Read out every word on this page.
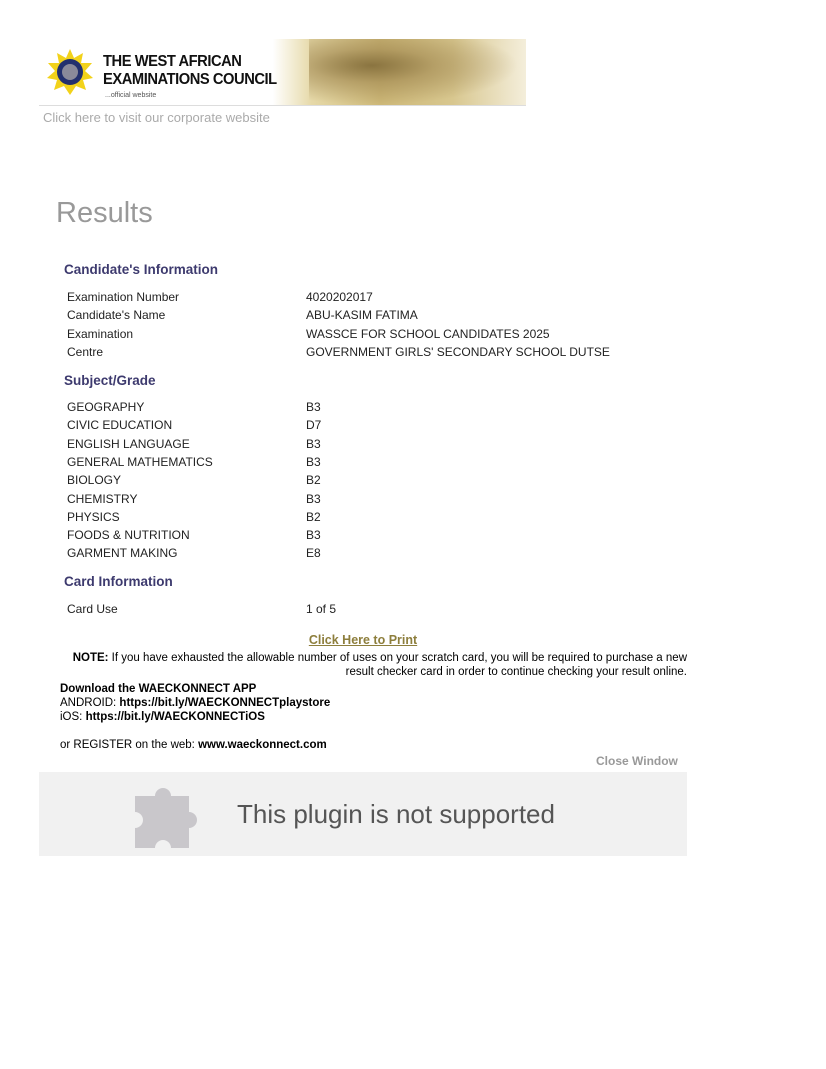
THE WEST AFRICAN
EXAMINATIONS COUNCIL
...official website
Click here to visit our corporate website
Results
Candidate's Information
Examination Number	4020202017
Candidate's Name	ABU-KASIM FATIMA
Examination	WASSCE FOR SCHOOL CANDIDATES 2025
Centre	GOVERNMENT GIRLS' SECONDARY SCHOOL DUTSE
Subject/Grade
GEOGRAPHY	B3
CIVIC EDUCATION	D7
ENGLISH LANGUAGE	B3
GENERAL MATHEMATICS	B3
BIOLOGY	B2
CHEMISTRY	B3
PHYSICS	B2
FOODS & NUTRITION	B3
GARMENT MAKING	E8
Card Information
Card Use	1 of 5
Click Here to Print
NOTE: If you have exhausted the allowable number of uses on your scratch card, you will be required to purchase a new result checker card in order to continue checking your result online.
Download the WAECKONNECT APP
ANDROID: https://bit.ly/WAECKONNECTplaystore
iOS: https://bit.ly/WAECKONNECTiOS
or REGISTER on the web: www.waeckonnect.com
Close Window
This plugin is not supported
